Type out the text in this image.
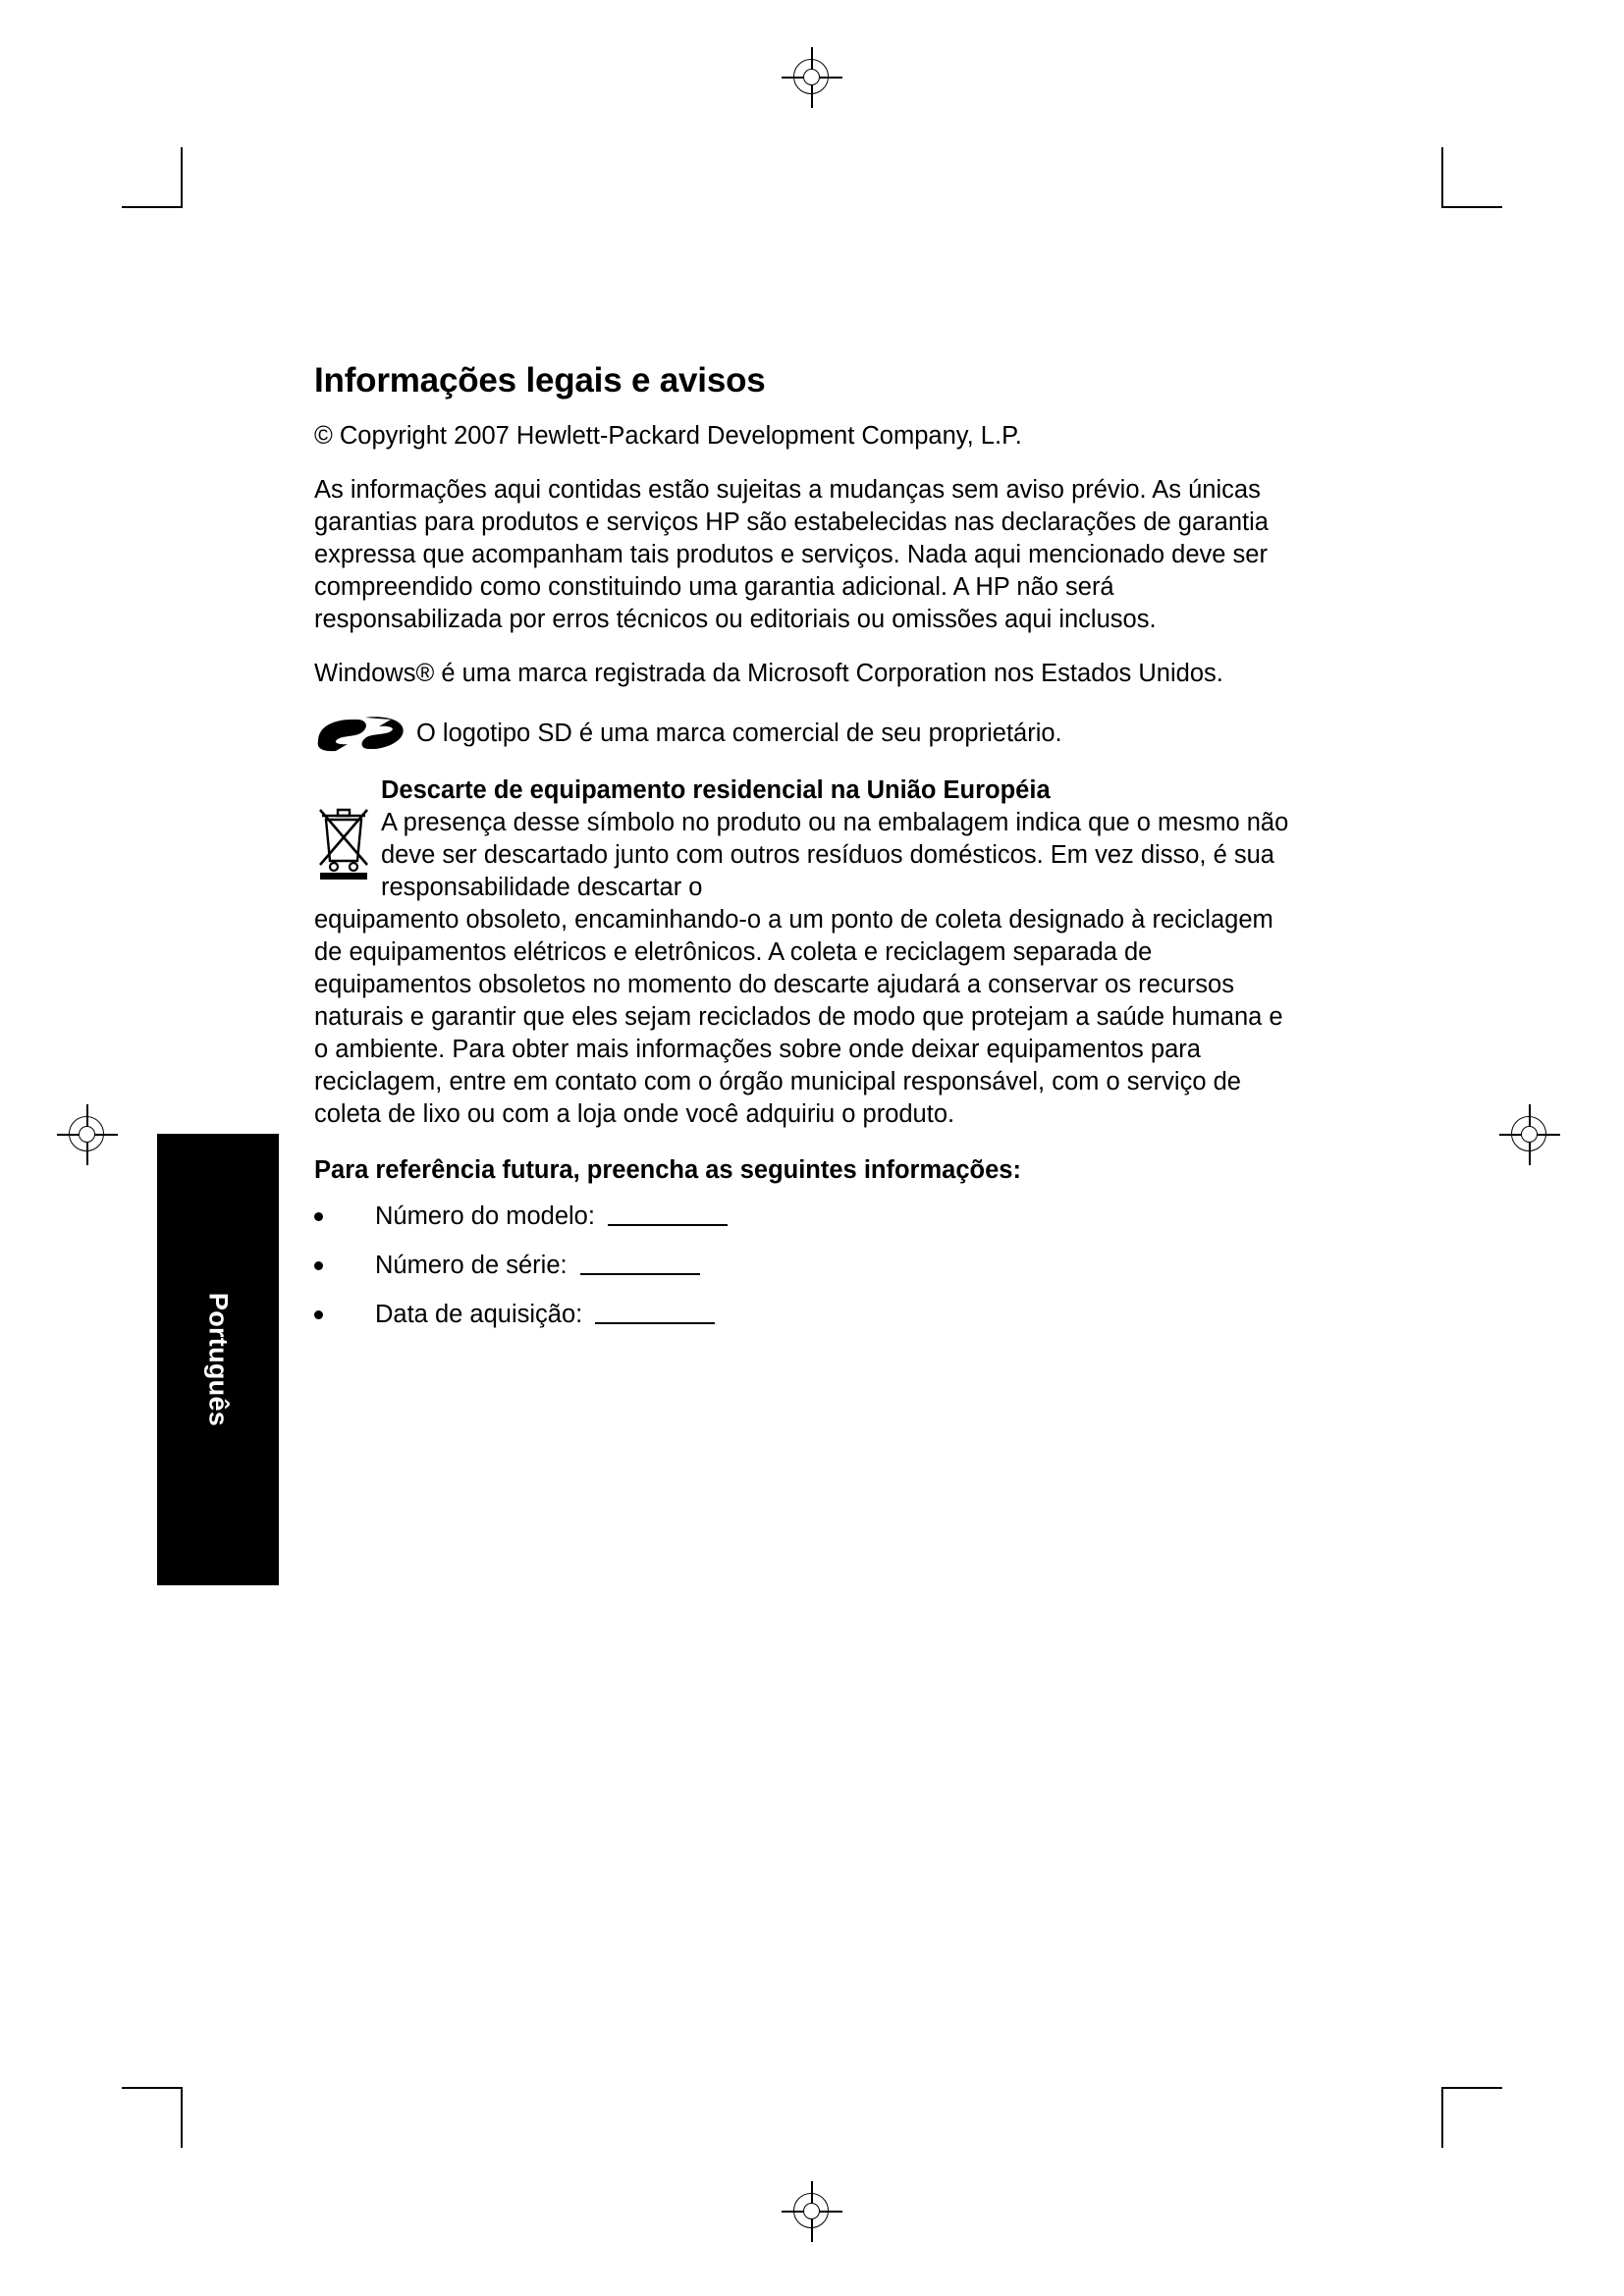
Português
Informações legais e avisos

© Copyright 2007 Hewlett-Packard Development Company, L.P.

As informações aqui contidas estão sujeitas a mudanças sem aviso prévio. As únicas garantias para produtos e serviços HP são estabelecidas nas declarações de garantia expressa que acompanham tais produtos e serviços. Nada aqui mencionado deve ser compreendido como constituindo uma garantia adicional. A HP não será responsabilizada por erros técnicos ou editoriais ou omissões aqui inclusos.

Windows® é uma marca registrada da Microsoft Corporation nos Estados Unidos.

O logotipo SD é uma marca comercial de seu proprietário.

Descarte de equipamento residencial na União Européia

A presença desse símbolo no produto ou na embalagem indica que o mesmo não deve ser descartado junto com outros resíduos domésticos. Em vez disso, é sua responsabilidade descartar o

equipamento obsoleto, encaminhando-o a um ponto de coleta designado à reciclagem de equipamentos elétricos e eletrônicos. A coleta e reciclagem separada de equipamentos obsoletos no momento do descarte ajudará a conservar os recursos naturais e garantir que eles sejam reciclados de modo que protejam a saúde humana e o ambiente. Para obter mais informações sobre onde deixar equipamentos para reciclagem, entre em contato com o órgão municipal responsável, com o serviço de coleta de lixo ou com a loja onde você adquiriu o produto.

Para referência futura, preencha as seguintes informações:

Número do modelo:
Número de série:
Data de aquisição:
